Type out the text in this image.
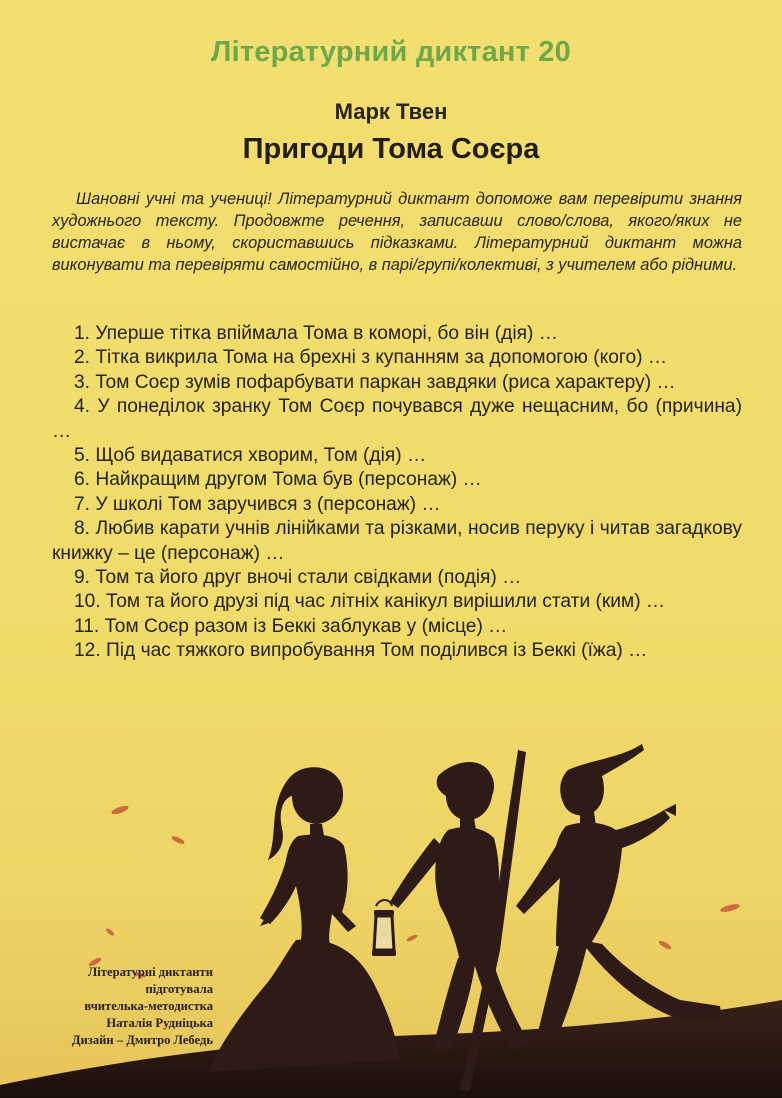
Літературний диктант 20
Марк Твен
Пригоди Тома Соєра
Шановні учні та учениці! Літературний диктант допоможе вам перевірити знання художнього тексту. Продовжте речення, записавши слово/слова, якого/яких не вистачає в ньому, скориставшись підказками. Літературний диктант можна виконувати та перевіряти самостійно, в парі/групі/колективі, з учителем або рідними.
1. Уперше тітка впіймала Тома в коморі, бо він (дія) …
2. Тітка викрила Тома на брехні з купанням за допомогою (кого) …
3. Том Соєр зумів пофарбувати паркан завдяки (риса характеру) …
4. У понеділок зранку Том Соєр почувався дуже нещасним, бо (причина) …
5. Щоб видаватися хворим, Том (дія) …
6. Найкращим другом Тома був (персонаж) …
7. У школі Том заручився з (персонаж) …
8. Любив карати учнів лінійками та різками, носив перуку і читав загадкову книжку – це (персонаж) …
9. Том та його друг вночі стали свідками (подія) …
10. Том та його друзі під час літніх канікул вирішили стати (ким) …
11. Том Соєр разом із Беккі заблукав у (місце) …
12. Під час тяжкого випробування Том поділився із Беккі (їжа) …
Літературні диктанти
підготувала
вчителька-методистка
Наталія Рудніцька
Дизайн – Дмитро Лебедь
